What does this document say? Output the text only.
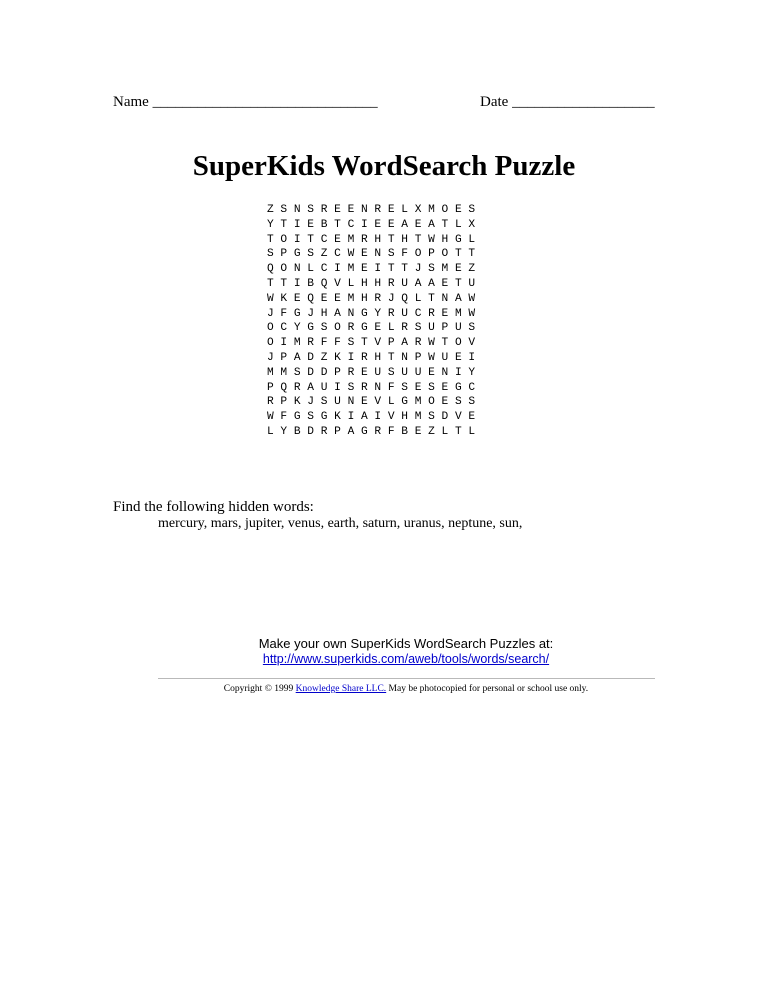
Name ______________________________	Date ___________________
SuperKids WordSearch Puzzle
Z S N S R E E N R E L X M O E S
Y T I E B T C I E E A E A T L X
T O I T C E M R H T H T W H G L
S P G S Z C W E N S F O P O T T
Q O N L C I M E I T T J S M E Z
T T I B Q V L H H R U A A E T U
W K E Q E E M H R J Q L T N A W
J F G J H A N G Y R U C R E M W
O C Y G S O R G E L R S U P U S
O I M R F F S T V P A R W T O V
J P A D Z K I R H T N P W U E I
M M S D D P R E U S U U E N I Y
P Q R A U I S R N F S E S E G C
R P K J S U N E V L G M O E S S
W F G S G K I A I V H M S D V E
L Y B D R P A G R F B E Z L T L
Find the following hidden words:
mercury, mars, jupiter, venus, earth, saturn, uranus, neptune, sun,
Make your own SuperKids WordSearch Puzzles at:
http://www.superkids.com/aweb/tools/words/search/
Copyright © 1999 Knowledge Share LLC. May be photocopied for personal or school use only.
